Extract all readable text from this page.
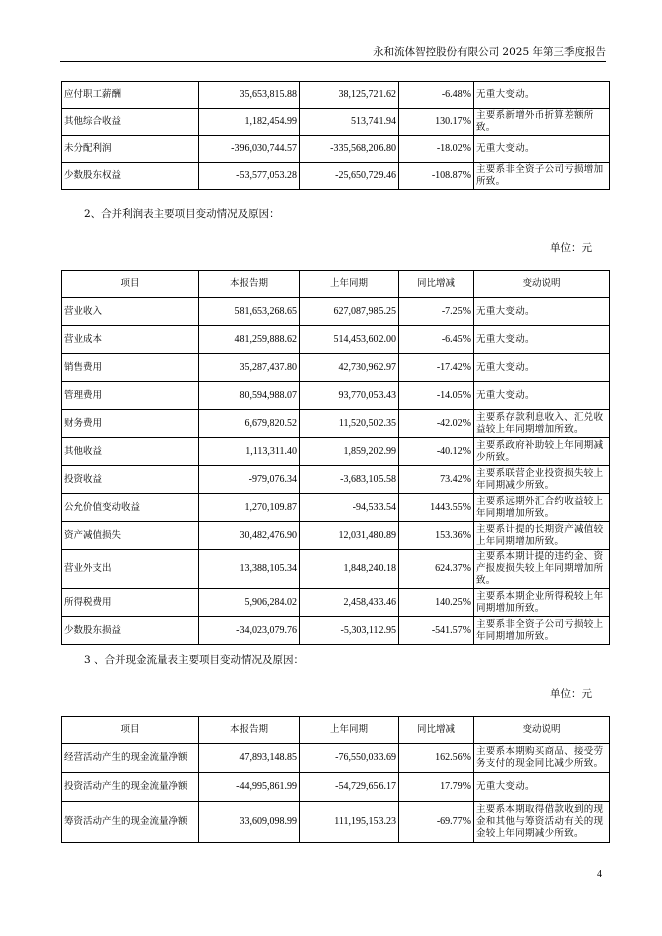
永和流体智控股份有限公司 2025 年第三季度报告
应付职工薪酬	35,653,815.88	38,125,721.62	-6.48%	无重大变动。
其他综合收益	1,182,454.99	513,741.94	130.17%	主要系新增外币折算差额所致。
未分配利润	-396,030,744.57	-335,568,206.80	-18.02%	无重大变动。
少数股东权益	-53,577,053.28	-25,650,729.46	-108.87%	主要系非全资子公司亏损增加所致。
2、合并利润表主要项目变动情况及原因：
单位：元
项目	本报告期	上年同期	同比增减	变动说明
营业收入	581,653,268.65	627,087,985.25	-7.25%	无重大变动。
营业成本	481,259,888.62	514,453,602.00	-6.45%	无重大变动。
销售费用	35,287,437.80	42,730,962.97	-17.42%	无重大变动。
管理费用	80,594,988.07	93,770,053.43	-14.05%	无重大变动。
财务费用	6,679,820.52	11,520,502.35	-42.02%	主要系存款利息收入、汇兑收益较上年同期增加所致。
其他收益	1,113,311.40	1,859,202.99	-40.12%	主要系政府补助较上年同期减少所致。
投资收益	-979,076.34	-3,683,105.58	73.42%	主要系联营企业投资损失较上年同期减少所致。
公允价值变动收益	1,270,109.87	-94,533.54	1443.55%	主要系远期外汇合约收益较上年同期增加所致。
资产减值损失	30,482,476.90	12,031,480.89	153.36%	主要系计提的长期资产减值较上年同期增加所致。
营业外支出	13,388,105.34	1,848,240.18	624.37%	主要系本期计提的违约金、资产报废损失较上年同期增加所致。
所得税费用	5,906,284.02	2,458,433.46	140.25%	主要系本期企业所得税较上年同期增加所致。
少数股东损益	-34,023,079.76	-5,303,112.95	-541.57%	主要系非全资子公司亏损较上年同期增加所致。
3 、合并现金流量表主要项目变动情况及原因：
单位：元
项目	本报告期	上年同期	同比增减	变动说明
经营活动产生的现金流量净额	47,893,148.85	-76,550,033.69	162.56%	主要系本期购买商品、接受劳务支付的现金同比减少所致。
投资活动产生的现金流量净额	-44,995,861.99	-54,729,656.17	17.79%	无重大变动。
筹资活动产生的现金流量净额	33,609,098.99	111,195,153.23	-69.77%	主要系本期取得借款收到的现金和其他与筹资活动有关的现金较上年同期减少所致。
4
